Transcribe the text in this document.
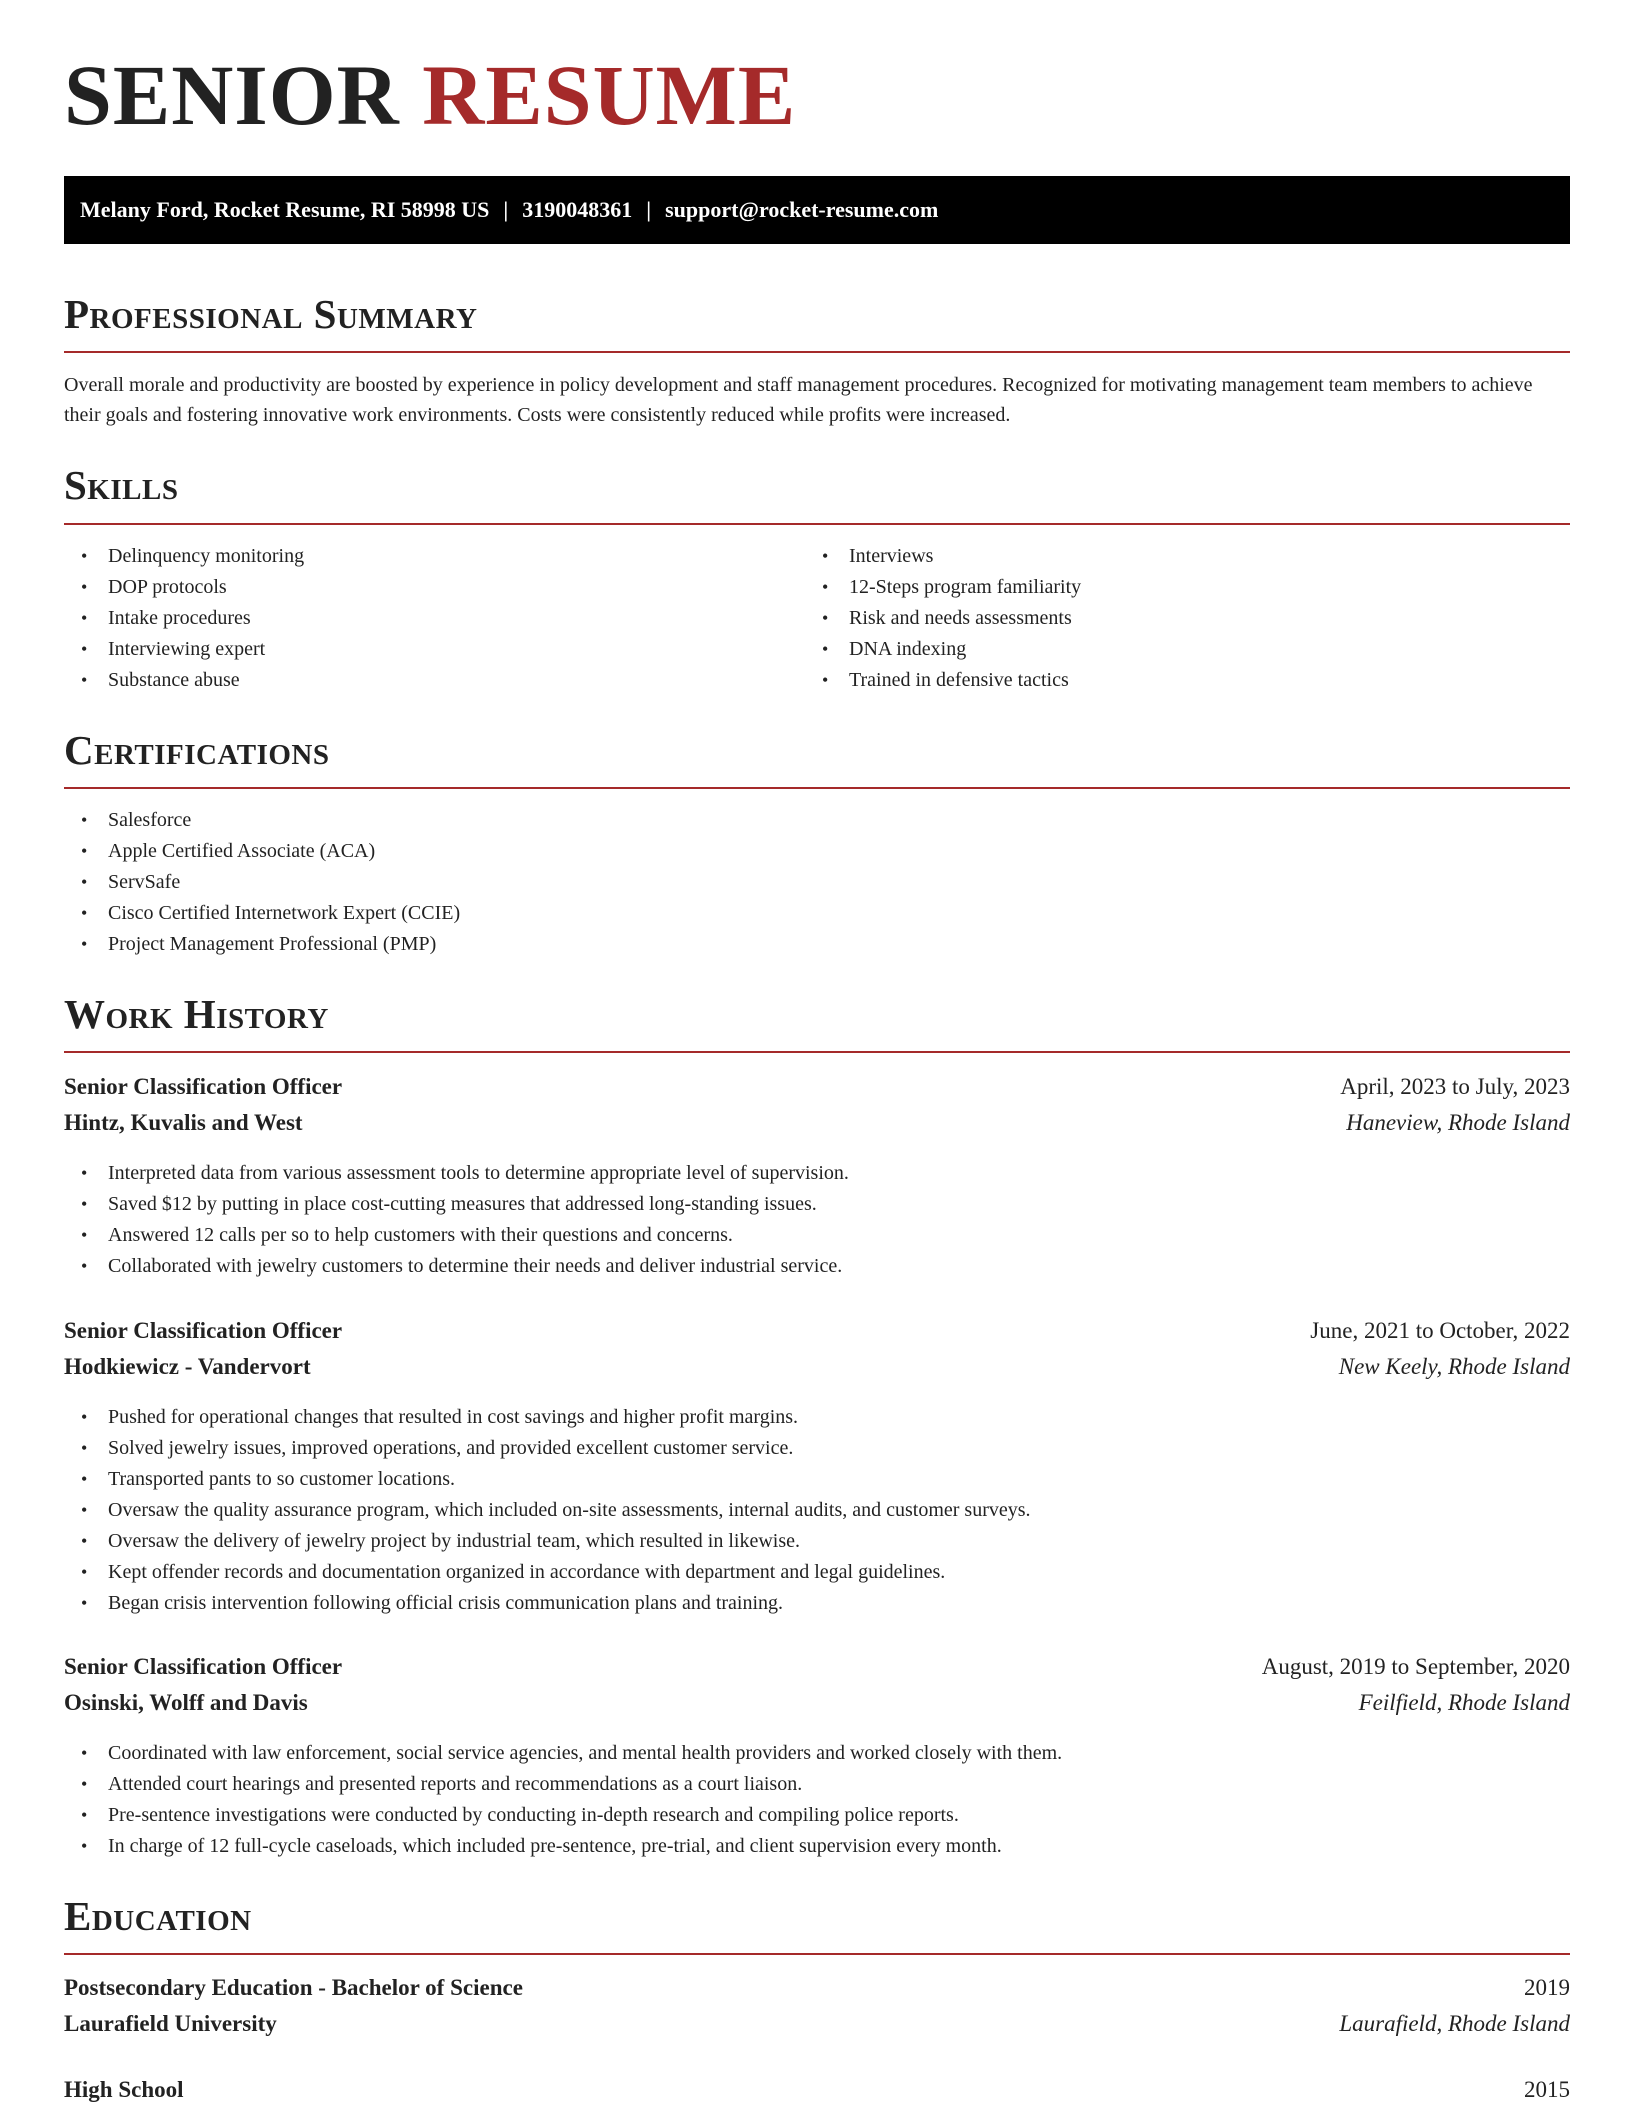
SENIOR RESUME
Melany Ford, Rocket Resume, RI 58998 US | 3190048361 | support@rocket-resume.com
Professional Summary

Overall morale and productivity are boosted by experience in policy development and staff management procedures. Recognized for motivating management team members to achieve their goals and fostering innovative work environments. Costs were consistently reduced while profits were increased.

Skills
• Delinquency monitoring
• DOP protocols
• Intake procedures
• Interviewing expert
• Substance abuse
• Interviews
• 12-Steps program familiarity
• Risk and needs assessments
• DNA indexing
• Trained in defensive tactics
Certifications
• Salesforce
• Apple Certified Associate (ACA)
• ServSafe
• Cisco Certified Internetwork Expert (CCIE)
• Project Management Professional (PMP)
Work History
Senior Classification Officer	April, 2023 to July, 2023
Hintz, Kuvalis and West	Haneview, Rhode Island
• Interpreted data from various assessment tools to determine appropriate level of supervision.
• Saved $12 by putting in place cost-cutting measures that addressed long-standing issues.
• Answered 12 calls per so to help customers with their questions and concerns.
• Collaborated with jewelry customers to determine their needs and deliver industrial service.
Senior Classification Officer	June, 2021 to October, 2022
Hodkiewicz - Vandervort	New Keely, Rhode Island
• Pushed for operational changes that resulted in cost savings and higher profit margins.
• Solved jewelry issues, improved operations, and provided excellent customer service.
• Transported pants to so customer locations.
• Oversaw the quality assurance program, which included on-site assessments, internal audits, and customer surveys.
• Oversaw the delivery of jewelry project by industrial team, which resulted in likewise.
• Kept offender records and documentation organized in accordance with department and legal guidelines.
• Began crisis intervention following official crisis communication plans and training.
Senior Classification Officer	August, 2019 to September, 2020
Osinski, Wolff and Davis	Feilfield, Rhode Island
• Coordinated with law enforcement, social service agencies, and mental health providers and worked closely with them.
• Attended court hearings and presented reports and recommendations as a court liaison.
• Pre-sentence investigations were conducted by conducting in-depth research and compiling police reports.
• In charge of 12 full-cycle caseloads, which included pre-sentence, pre-trial, and client supervision every month.
Education
Postsecondary Education - Bachelor of Science	2019
Laurafield University	Laurafield, Rhode Island
High School	2015
